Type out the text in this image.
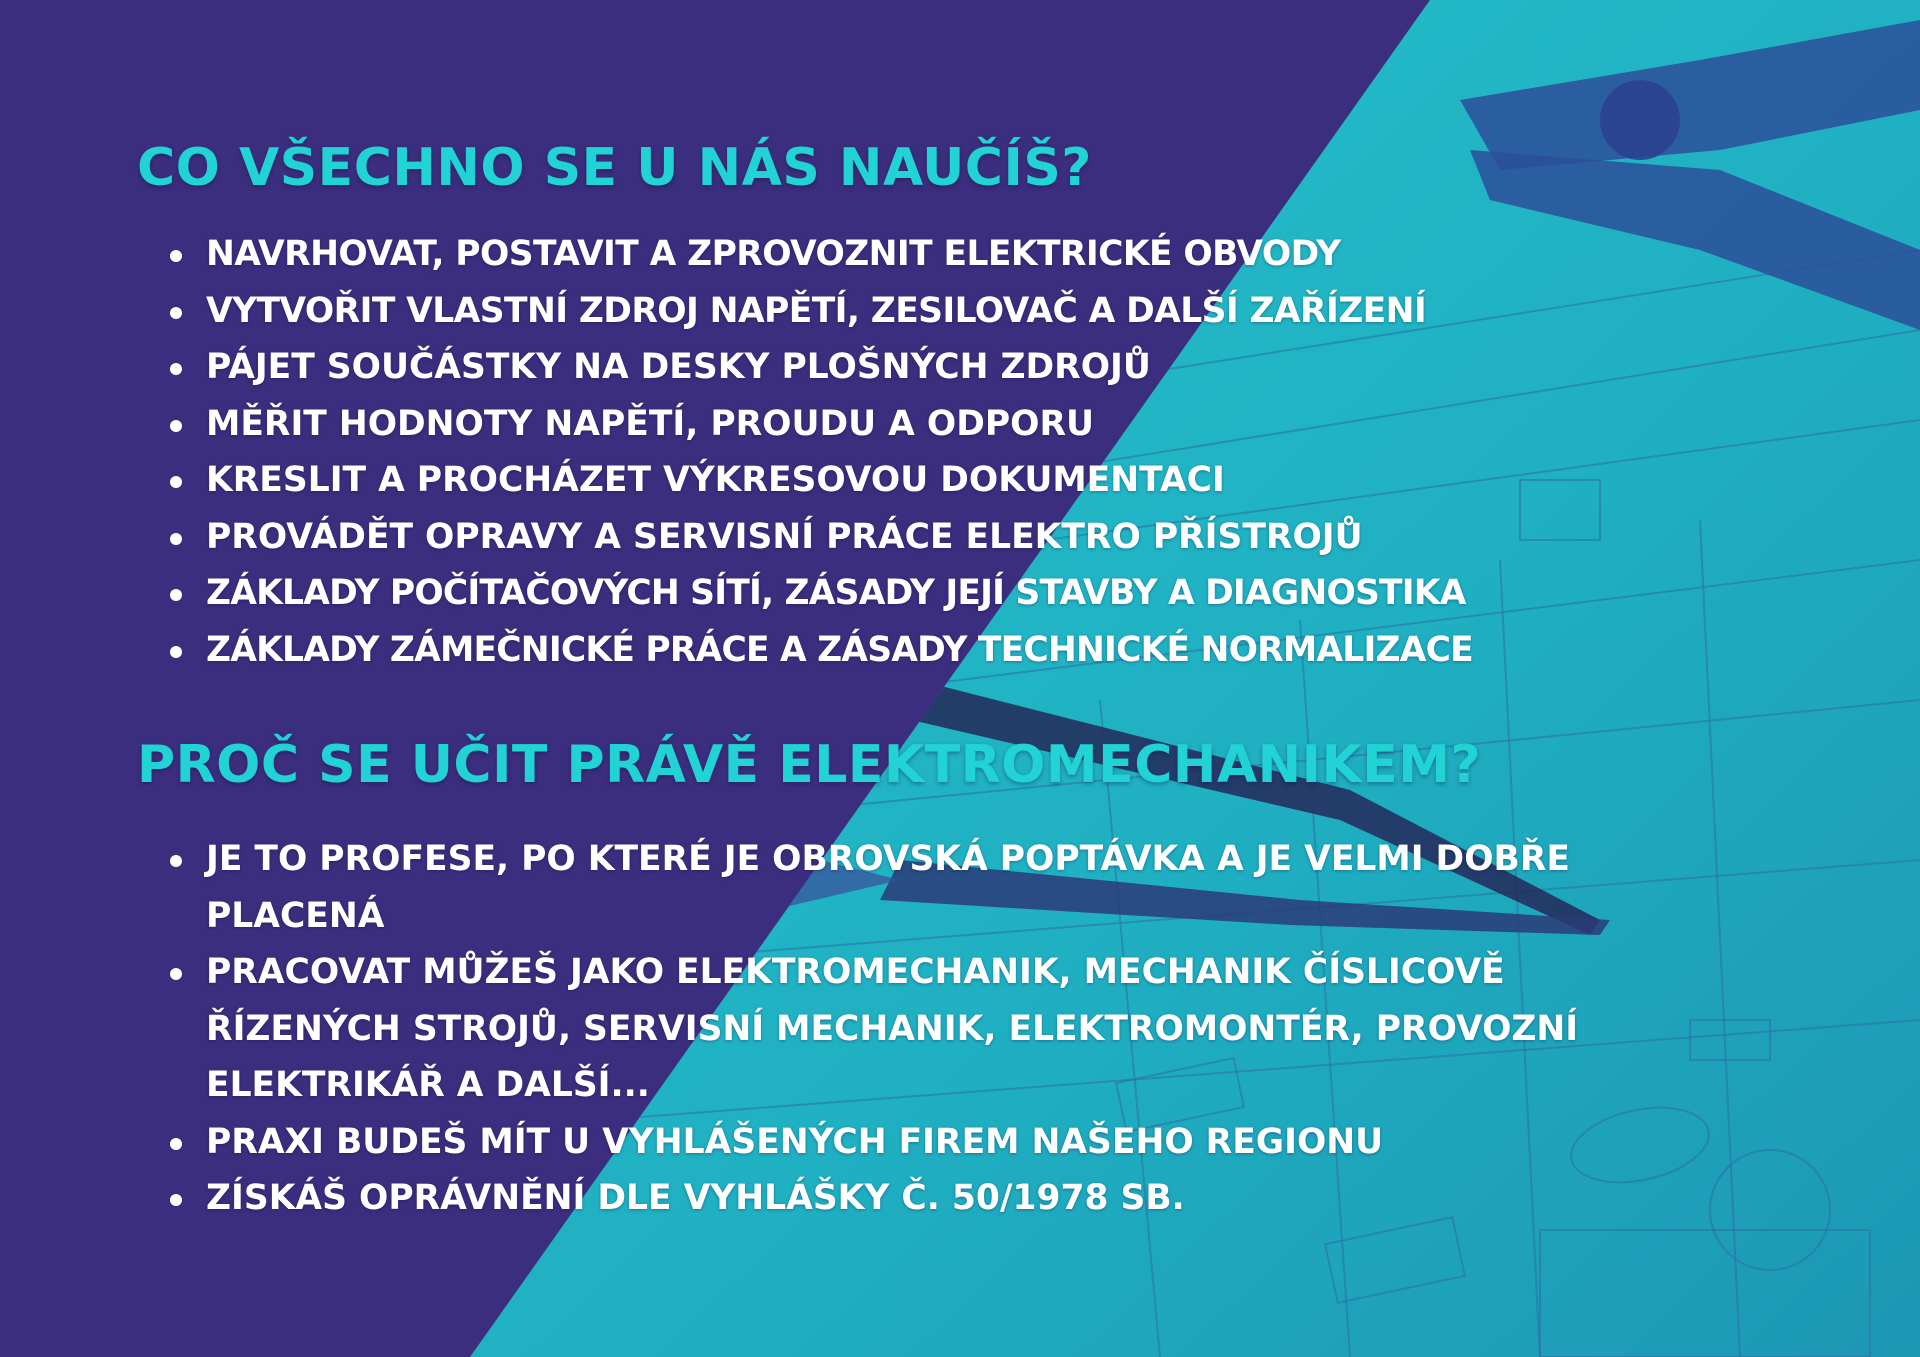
CO VŠECHNO SE U NÁS NAUČÍŠ?
NAVRHOVAT, POSTAVIT A ZPROVOZNIT ELEKTRICKÉ OBVODY
VYTVOŘIT VLASTNÍ ZDROJ NAPĚTÍ, ZESILOVAČ A DALŠÍ ZAŘÍZENÍ
PÁJET SOUČÁSTKY NA DESKY PLOŠNÝCH ZDROJŮ
MĚŘIT HODNOTY NAPĚTÍ, PROUDU A ODPORU
KRESLIT A PROCHÁZET VÝKRESOVOU DOKUMENTACI
PROVÁDĚT OPRAVY A SERVISNÍ PRÁCE ELEKTRO PŘÍSTROJŮ
ZÁKLADY POČÍTAČOVÝCH SÍTÍ, ZÁSADY JEJÍ STAVBY A DIAGNOSTIKA
ZÁKLADY ZÁMEČNICKÉ PRÁCE A ZÁSADY TECHNICKÉ NORMALIZACE
PROČ SE UČIT PRÁVĚ ELEKTROMECHANIKEM?
JE TO PROFESE, PO KTERÉ JE OBROVSKÁ POPTÁVKA A JE VELMI DOBŘE PLACENÁ
PRACOVAT MŮŽEŠ JAKO ELEKTROMECHANIK, MECHANIK ČÍSLICOVĚ ŘÍZENÝCH STROJŮ, SERVISNÍ MECHANIK, ELEKTROMONTÉR, PROVOZNÍ ELEKTRIKÁŘ A DALŠÍ...
PRAXI BUDEŠ MÍT U VYHLÁŠENÝCH FIREM NAŠEHO REGIONU
ZÍSKÁŠ OPRÁVNĚNÍ DLE VYHLÁŠKY Č. 50/1978 SB.
